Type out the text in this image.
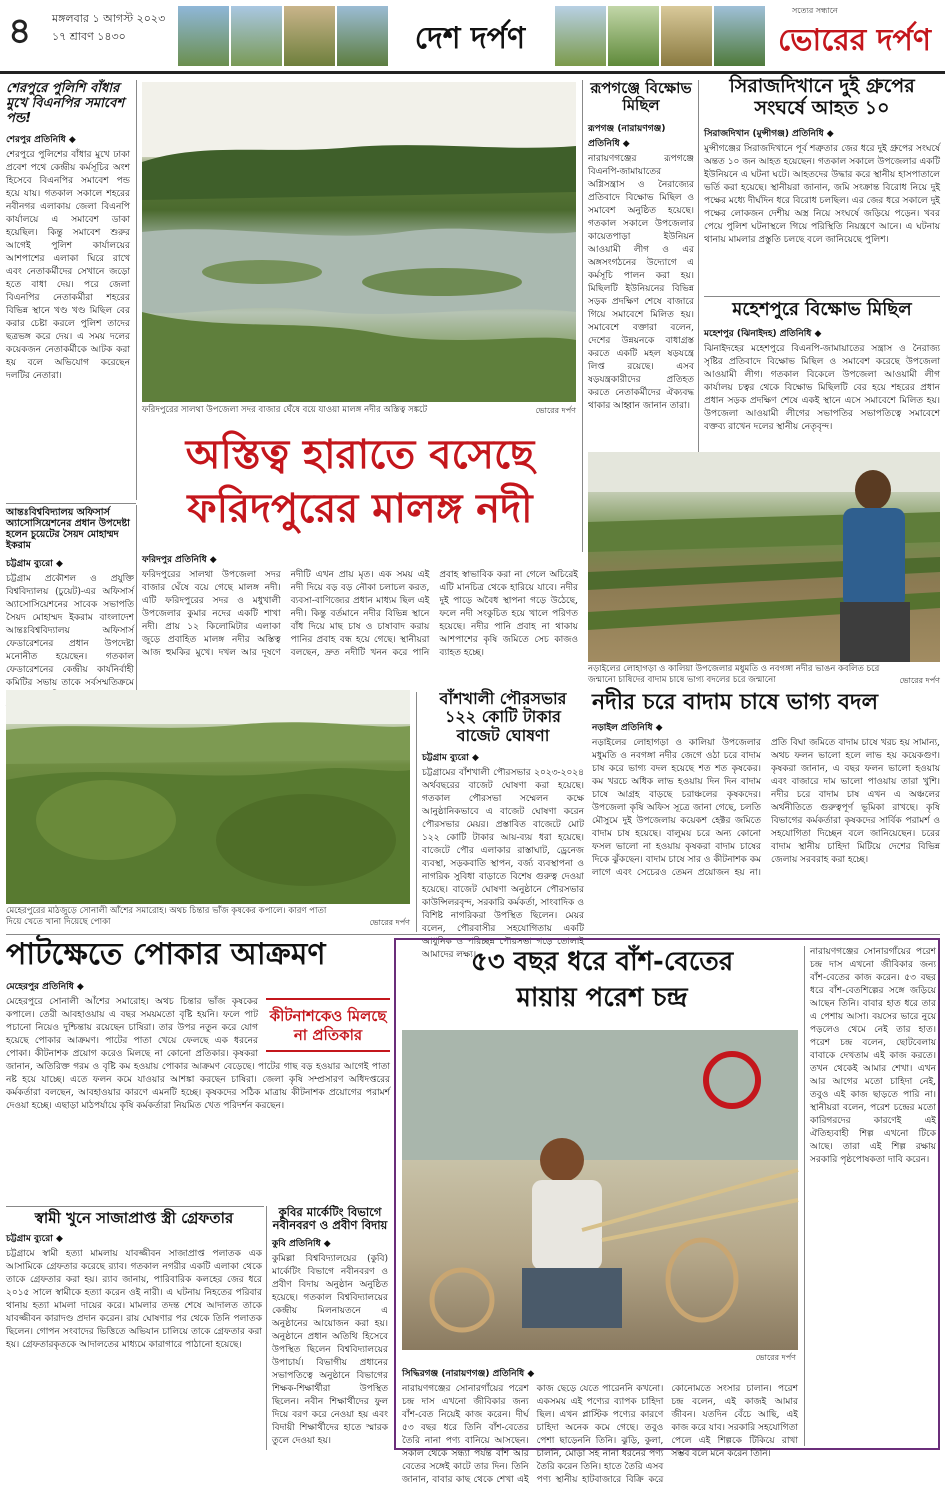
৪ মঙ্গলবার ১ আগস্ট ২০২৩
১৭ শ্রাবণ ১৪৩০	দেশ দর্পণ
সত্যের সন্ধানে
ভোরের দর্পণ
শেরপুরে পুলিশি বাঁধার মুখে বিএনপির সমাবেশ পন্ড!
শেরপুর প্রতিনিধি ◆

শেরপুরে পুলিশের বাঁধার মুখে ঢাকা প্রবেশ পথে কেন্দ্রীয় কর্মসূচির অংশ হিসেবে বিএনপির সমাবেশ পন্ড হয়ে যায়। গতকাল সকালে শহরের নবীনগর এলাকায় জেলা বিএনপি কার্যালয়ে এ সমাবেশ ডাকা হয়েছিল। কিন্তু সমাবেশ শুরুর আগেই পুলিশ কার্যালয়ের আশপাশের এলাকা ঘিরে রাখে এবং নেতাকর্মীদের সেখানে জড়ো হতে বাধা দেয়। পরে জেলা বিএনপির নেতাকর্মীরা শহরের বিভিন্ন স্থানে খণ্ড খণ্ড মিছিল বের করার চেষ্টা করলে পুলিশ তাদের ছত্রভঙ্গ করে দেয়। এ সময় দলের কয়েকজন নেতাকর্মীকে আটক করা হয় বলে অভিযোগ করেছেন দলটির নেতারা।

ফরিদপুরের সালথা উপজেলা সদর বাজার ঘেঁষে বয়ে যাওয়া মালঙ্গ নদীর অস্তিত্ব সঙ্কটে	ভোরের দর্পণ
অস্তিত্ব হারাতে বসেছে
ফরিদপুরের মালঙ্গ নদী
আন্তঃবিশ্ববিদ্যালয় অফিসার্স অ্যাসোসিয়েশনের প্রধান উপদেষ্টা হলেন চুয়েটের সৈয়দ মোহাম্মদ ইকরাম
চট্টগ্রাম ব্যুরো ◆

চট্টগ্রাম প্রকৌশল ও প্রযুক্তি বিশ্ববিদ্যালয় (চুয়েট)-এর অফিসার্স অ্যাসোসিয়েশনের সাবেক সভাপতি সৈয়দ মোহাম্মদ ইকরাম বাংলাদেশ আন্তঃবিশ্ববিদ্যালয় অফিসার্স ফেডারেশনের প্রধান উপদেষ্টা মনোনীত হয়েছেন। গতকাল ফেডারেশনের কেন্দ্রীয় কার্যনির্বাহী কমিটির সভায় তাকে সর্বসম্মতিক্রমে

ফরিদপুর প্রতিনিধি ◆

ফরিদপুরের সালথা উপজেলা সদর বাজার ঘেঁষে বয়ে গেছে মালঙ্গ নদী। এটি ফরিদপুরের সদর ও মধুখালী উপজেলার কুমার নদের একটি শাখা নদী। প্রায় ১২ কিলোমিটার এলাকা জুড়ে প্রবাহিত মালঙ্গ নদীর অস্তিত্ব আজ হুমকির মুখে। দখল আর দূষণে নদীটি এখন প্রায় মৃত। এক সময় এই নদী দিয়ে বড় বড় নৌকা চলাচল করত, ব্যবসা-বাণিজ্যের প্রধান মাধ্যম ছিল এই নদী। কিন্তু বর্তমানে নদীর বিভিন্ন স্থানে বাঁধ দিয়ে মাছ চাষ ও চাষাবাদ করায় পানির প্রবাহ বন্ধ হয়ে গেছে। স্থানীয়রা বলছেন, দ্রুত নদীটি খনন করে পানি প্রবাহ স্বাভাবিক করা না গেলে অচিরেই এটি মানচিত্র থেকে হারিয়ে যাবে। নদীর দুই পাড়ে অবৈধ স্থাপনা গড়ে উঠেছে, ফলে নদী সংকুচিত হয়ে খালে পরিণত হয়েছে। নদীর পানি প্রবাহ না থাকায় আশপাশের কৃষি জমিতে সেচ কাজও ব্যাহত হচ্ছে।

রূপগঞ্জে বিক্ষোভ মিছিল
রূপগঞ্জ (নারায়ণগঞ্জ) প্রতিনিধি ◆

নারায়ণগঞ্জের রূপগঞ্জে বিএনপি-জামায়াতের অগ্নিসন্ত্রাস ও নৈরাজ্যের প্রতিবাদে বিক্ষোভ মিছিল ও সমাবেশ অনুষ্ঠিত হয়েছে। গতকাল সকালে উপজেলার কায়েতপাড়া ইউনিয়ন আওয়ামী লীগ ও এর অঙ্গসংগঠনের উদ্যোগে এ কর্মসূচি পালন করা হয়। মিছিলটি ইউনিয়নের বিভিন্ন সড়ক প্রদক্ষিণ শেষে বাজারে গিয়ে সমাবেশে মিলিত হয়। সমাবেশে বক্তারা বলেন, দেশের উন্নয়নকে বাধাগ্রস্ত করতে একটি মহল ষড়যন্ত্রে লিপ্ত রয়েছে। এসব ষড়যন্ত্রকারীদের প্রতিহত করতে নেতাকর্মীদের ঐক্যবদ্ধ থাকার আহ্বান জানান তারা।

সিরাজদিখানে দুই গ্রুপের সংঘর্ষে আহত ১০
সিরাজদিখান (মুন্সীগঞ্জ) প্রতিনিধি ◆

মুন্সীগঞ্জের সিরাজদিখানে পূর্ব শত্রুতার জের ধরে দুই গ্রুপের সংঘর্ষে অন্তত ১০ জন আহত হয়েছেন। গতকাল সকালে উপজেলার একটি ইউনিয়নে এ ঘটনা ঘটে। আহতদের উদ্ধার করে স্থানীয় হাসপাতালে ভর্তি করা হয়েছে। স্থানীয়রা জানান, জমি সংক্রান্ত বিরোধ নিয়ে দুই পক্ষের মধ্যে দীর্ঘদিন ধরে বিরোধ চলছিল। এর জের ধরে সকালে দুই পক্ষের লোকজন দেশীয় অস্ত্র নিয়ে সংঘর্ষে জড়িয়ে পড়েন। খবর পেয়ে পুলিশ ঘটনাস্থলে গিয়ে পরিস্থিতি নিয়ন্ত্রণে আনে। এ ঘটনায় থানায় মামলার প্রস্তুতি চলছে বলে জানিয়েছে পুলিশ।

মহেশপুরে বিক্ষোভ মিছিল
মহেশপুর (ঝিনাইদহ) প্রতিনিধি ◆

ঝিনাইদহের মহেশপুরে বিএনপি-জামায়াতের সন্ত্রাস ও নৈরাজ্য সৃষ্টির প্রতিবাদে বিক্ষোভ মিছিল ও সমাবেশ করেছে উপজেলা আওয়ামী লীগ। গতকাল বিকেলে উপজেলা আওয়ামী লীগ কার্যালয় চত্বর থেকে বিক্ষোভ মিছিলটি বের হয়ে শহরের প্রধান প্রধান সড়ক প্রদক্ষিণ শেষে একই স্থানে এসে সমাবেশে মিলিত হয়। উপজেলা আওয়ামী লীগের সভাপতির সভাপতিত্বে সমাবেশে বক্তব্য রাখেন দলের স্থানীয় নেতৃবৃন্দ।

নড়াইলের লোহাগড়া ও কালিয়া উপজেলার মধুমতি ও নবগঙ্গা নদীর ভাঙন কবলিত চরে জন্মানো চাষিদের বাদাম চাষে ভাগ্য বদলের চরে জন্মানো	ভোরের দর্পণ

মেহেরপুরের মাঠজুড়ে সোনালী আঁশের সমারোহ। অথচ চিন্তার ভাঁজ কৃষকের কপালে। কারণ পাতা দিয়ে খেতে খানা দিয়েছে পোকা	ভোরের দর্পণ
বাঁশখালী পৌরসভার ১২২ কোটি টাকার বাজেট ঘোষণা
চট্টগ্রাম ব্যুরো ◆

চট্টগ্রামের বাঁশখালী পৌরসভার ২০২৩-২০২৪ অর্থবছরের বাজেট ঘোষণা করা হয়েছে। গতকাল পৌরসভা সম্মেলন কক্ষে আনুষ্ঠানিকভাবে এ বাজেট ঘোষণা করেন পৌরসভার মেয়র। প্রস্তাবিত বাজেটে মোট ১২২ কোটি টাকার আয়-ব্যয় ধরা হয়েছে। বাজেটে পৌর এলাকার রাস্তাঘাট, ড্রেনেজ ব্যবস্থা, সড়কবাতি স্থাপন, বর্জ্য ব্যবস্থাপনা ও নাগরিক সুবিধা বাড়াতে বিশেষ গুরুত্ব দেওয়া হয়েছে। বাজেট ঘোষণা অনুষ্ঠানে পৌরসভার কাউন্সিলরবৃন্দ, সরকারি কর্মকর্তা, সাংবাদিক ও বিশিষ্ট নাগরিকরা উপস্থিত ছিলেন। মেয়র বলেন, পৌরবাসীর সহযোগিতায় একটি আধুনিক ও পরিচ্ছন্ন পৌরসভা গড়ে তোলাই আমাদের লক্ষ্য।

নদীর চরে বাদাম চাষে ভাগ্য বদল
নড়াইল প্রতিনিধি ◆

নড়াইলের লোহাগড়া ও কালিয়া উপজেলার মধুমতি ও নবগঙ্গা নদীর জেগে ওঠা চরে বাদাম চাষ করে ভাগ্য বদল হয়েছে শত শত কৃষকের। কম খরচে অধিক লাভ হওয়ায় দিন দিন বাদাম চাষে আগ্রহ বাড়ছে চরাঞ্চলের কৃষকদের। উপজেলা কৃষি অফিস সূত্রে জানা গেছে, চলতি মৌসুমে দুই উপজেলায় কয়েকশ হেক্টর জমিতে বাদাম চাষ হয়েছে। বালুময় চরে অন্য কোনো ফসল ভালো না হওয়ায় কৃষকরা বাদাম চাষের দিকে ঝুঁকছেন। বাদাম চাষে সার ও কীটনাশক কম লাগে এবং সেচেরও তেমন প্রয়োজন হয় না। প্রতি বিঘা জমিতে বাদাম চাষে খরচ হয় সামান্য, অথচ ফলন ভালো হলে লাভ হয় কয়েকগুণ। কৃষকরা জানান, এ বছর ফলন ভালো হওয়ায় এবং বাজারে দাম ভালো পাওয়ায় তারা খুশি। নদীর চরে বাদাম চাষ এখন এ অঞ্চলের অর্থনীতিতে গুরুত্বপূর্ণ ভূমিকা রাখছে। কৃষি বিভাগের কর্মকর্তারা কৃষকদের সার্বিক পরামর্শ ও সহযোগিতা দিচ্ছেন বলে জানিয়েছেন। চরের বাদাম স্থানীয় চাহিদা মিটিয়ে দেশের বিভিন্ন জেলায় সরবরাহ করা হচ্ছে।

পাটক্ষেতে পোকার আক্রমণ
মেহেরপুর প্রতিনিধি ◆
কীটনাশকেও মিলছে না প্রতিকার

মেহেরপুরে সোনালী আঁশের সমারোহ। অথচ চিন্তার ভাঁজ কৃষকের কপালে। তেরী আবহাওয়ায় এ বছর সময়মতো বৃষ্টি হয়নি। ফলে পাট পচানো নিয়েও দুশ্চিন্তায় রয়েছেন চাষিরা। তার উপর নতুন করে যোগ হয়েছে পোকার আক্রমণ। পাটের পাতা খেয়ে ফেলছে এক ধরনের পোকা। কীটনাশক প্রয়োগ করেও মিলছে না কোনো প্রতিকার। কৃষকরা জানান, অতিরিক্ত গরম ও বৃষ্টি কম হওয়ায় পোকার আক্রমণ বেড়েছে। পাটের গাছ বড় হওয়ার আগেই পাতা নষ্ট হয়ে যাচ্ছে। এতে ফলন কমে যাওয়ার আশঙ্কা করছেন চাষিরা। জেলা কৃষি সম্প্রসারণ অধিদপ্তরের কর্মকর্তারা বলছেন, আবহাওয়ার কারণে এমনটি হচ্ছে। কৃষকদের সঠিক মাত্রায় কীটনাশক প্রয়োগের পরামর্শ দেওয়া হচ্ছে। এছাড়া মাঠপর্যায়ে কৃষি কর্মকর্তারা নিয়মিত খেত পরিদর্শন করছেন।

স্বামী খুনে সাজাপ্রাপ্ত স্ত্রী গ্রেফতার
চট্টগ্রাম ব্যুরো ◆

চট্টগ্রামে স্বামী হত্যা মামলায় যাবজ্জীবন সাজাপ্রাপ্ত পলাতক এক আসামিকে গ্রেফতার করেছে র‍্যাব। গতকাল নগরীর একটি এলাকা থেকে তাকে গ্রেফতার করা হয়। র‍্যাব জানায়, পারিবারিক কলহের জের ধরে ২০১৫ সালে স্বামীকে হত্যা করেন ওই নারী। এ ঘটনায় নিহতের পরিবার থানায় হত্যা মামলা দায়ের করে। মামলার তদন্ত শেষে আদালত তাকে যাবজ্জীবন কারাদণ্ড প্রদান করেন। রায় ঘোষণার পর থেকে তিনি পলাতক ছিলেন। গোপন সংবাদের ভিত্তিতে অভিযান চালিয়ে তাকে গ্রেফতার করা হয়। গ্রেফতারকৃতকে আদালতের মাধ্যমে কারাগারে পাঠানো হয়েছে।

কুবির মার্কেটিং বিভাগে নবীনবরণ ও প্রবীণ বিদায়
কুবি প্রতিনিধি ◆

কুমিল্লা বিশ্ববিদ্যালয়ের (কুবি) মার্কেটিং বিভাগে নবীনবরণ ও প্রবীণ বিদায় অনুষ্ঠান অনুষ্ঠিত হয়েছে। গতকাল বিশ্ববিদ্যালয়ের কেন্দ্রীয় মিলনায়তনে এ অনুষ্ঠানের আয়োজন করা হয়। অনুষ্ঠানে প্রধান অতিথি হিসেবে উপস্থিত ছিলেন বিশ্ববিদ্যালয়ের উপাচার্য। বিভাগীয় প্রধানের সভাপতিত্বে অনুষ্ঠানে বিভাগের শিক্ষক-শিক্ষার্থীরা উপস্থিত ছিলেন। নবীন শিক্ষার্থীদের ফুল দিয়ে বরণ করে নেওয়া হয় এবং বিদায়ী শিক্ষার্থীদের হাতে স্মারক তুলে দেওয়া হয়।

৫৩ বছর ধরে বাঁশ-বেতের
মায়ায় পরেশ চন্দ্র
ভোরের দর্পণ
সিদ্ধিরগঞ্জ (নারায়ণগঞ্জ) প্রতিনিধি ◆

নারায়ণগঞ্জের সোনারগাঁয়ের পরেশ চন্দ্র দাস এখনো জীবিকার জন্য বাঁশ-বেত নিয়েই কাজ করেন। দীর্ঘ ৫৩ বছর ধরে তিনি বাঁশ-বেতের তৈরি নানা পণ্য বানিয়ে আসছেন। সকাল থেকে সন্ধ্যা পর্যন্ত বাঁশ আর বেতের সঙ্গেই কাটে তার দিন। তিনি জানান, বাবার কাছ থেকে শেখা এই কাজ ছেড়ে যেতে পারেননি কখনো। একসময় এই পণ্যের ব্যাপক চাহিদা ছিল। এখন প্লাস্টিক পণ্যের কারণে চাহিদা অনেক কমে গেছে। তবুও পেশা ছাড়েননি তিনি। ঝুড়ি, কুলা, চালনি, মোড়া সহ নানা ধরনের পণ্য তৈরি করেন তিনি। হাতে তৈরি এসব পণ্য স্থানীয় হাটবাজারে বিক্রি করে কোনোমতে সংসার চালান। পরেশ চন্দ্র বলেন, এই কাজই আমার জীবন। যতদিন বেঁচে আছি, এই কাজ করে যাব। সরকারি সহযোগিতা পেলে এই শিল্পকে টিকিয়ে রাখা সম্ভব বলে মনে করেন তিনি।

নারায়ণগঞ্জের সোনারগাঁয়ের পরেশ চন্দ্র দাস এখনো জীবিকার জন্য বাঁশ-বেতের কাজ করেন। ৫৩ বছর ধরে বাঁশ-বেতশিল্পের সঙ্গে জড়িয়ে আছেন তিনি। বাবার হাত ধরে তার এ পেশায় আসা। বয়সের ভারে নুয়ে পড়লেও থেমে নেই তার হাত। পরেশ চন্দ্র বলেন, ছোটবেলায় বাবাকে দেখতাম এই কাজ করতে। তখন থেকেই আমার শেখা। এখন আর আগের মতো চাহিদা নেই, তবুও এই কাজ ছাড়তে পারি না। স্থানীয়রা বলেন, পরেশ চন্দ্রের মতো কারিগরদের কারণেই এই ঐতিহ্যবাহী শিল্প এখনো টিকে আছে। তারা এই শিল্প রক্ষায় সরকারি পৃষ্ঠপোষকতা দাবি করেন।
